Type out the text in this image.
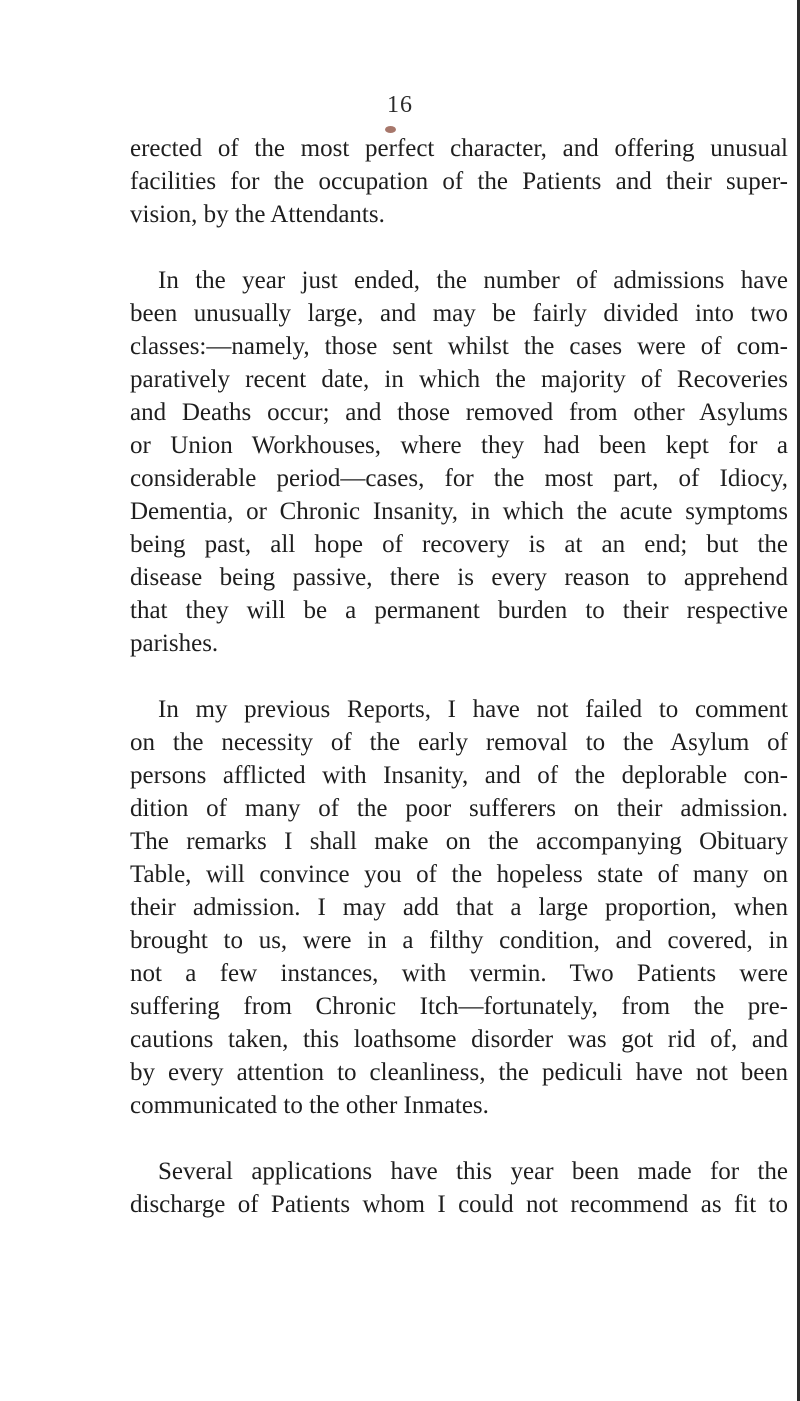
16
erected of the most perfect character, and offering unusual
facilities for the occupation of the Patients and their super-
vision, by the Attendants.
In the year just ended, the number of admissions have
been unusually large, and may be fairly divided into two
classes:—namely, those sent whilst the cases were of com-
paratively recent date, in which the majority of Recoveries
and Deaths occur; and those removed from other Asylums
or Union Workhouses, where they had been kept for a
considerable period—cases, for the most part, of Idiocy,
Dementia, or Chronic Insanity, in which the acute symptoms
being past, all hope of recovery is at an end; but the
disease being passive, there is every reason to apprehend
that they will be a permanent burden to their respective
parishes.
In my previous Reports, I have not failed to comment
on the necessity of the early removal to the Asylum of
persons afflicted with Insanity, and of the deplorable con-
dition of many of the poor sufferers on their admission.
The remarks I shall make on the accompanying Obituary
Table, will convince you of the hopeless state of many on
their admission. I may add that a large proportion, when
brought to us, were in a filthy condition, and covered, in
not a few instances, with vermin. Two Patients were
suffering from Chronic Itch—fortunately, from the pre-
cautions taken, this loathsome disorder was got rid of, and
by every attention to cleanliness, the pediculi have not been
communicated to the other Inmates.
Several applications have this year been made for the
discharge of Patients whom I could not recommend as fit to
